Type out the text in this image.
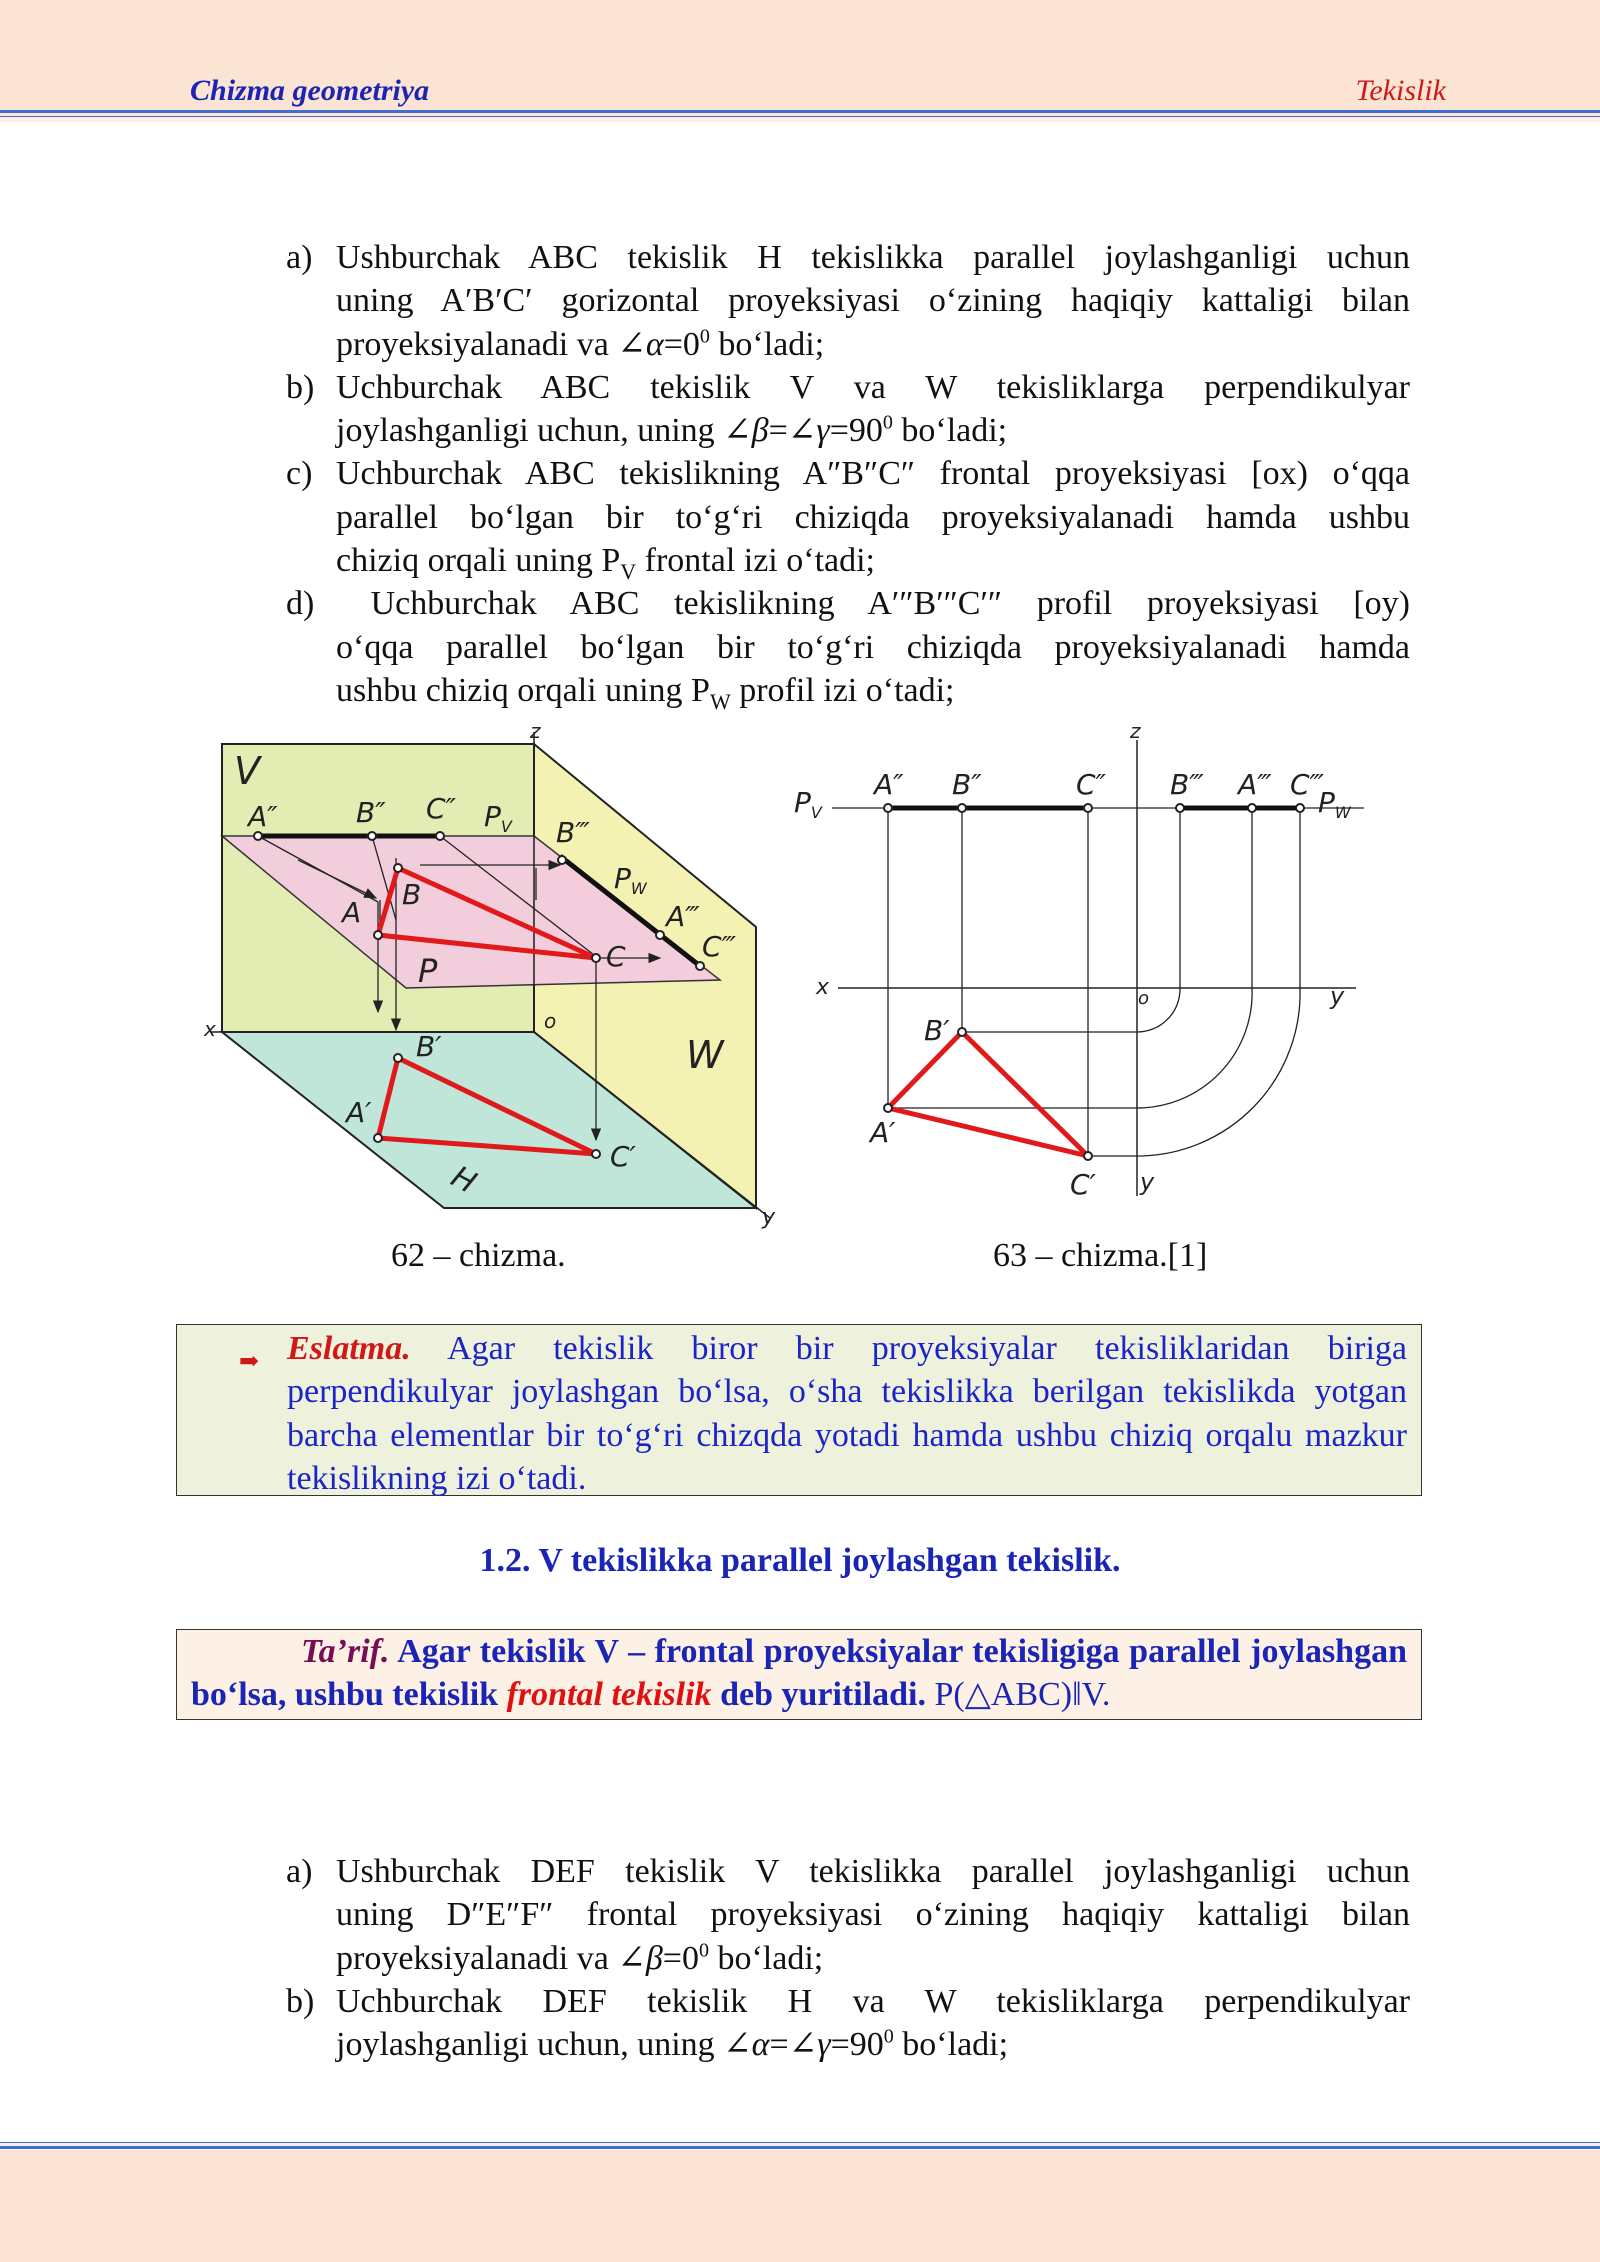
Chizma geometriya	Tekislik
a) Ushburchak ABC tekislik H tekislikka parallel joylashganligi uchun
uning A′B′C′ gorizontal proyeksiyasi o‘zining haqiqiy kattaligi bilan
proyeksiyalanadi va $\angle\alpha=0^0$ bo‘ladi;
b) Uchburchak ABC tekislik V va W tekisliklarga perpendikulyar
joylashganligi uchun, uning $\angle\beta=\angle\gamma=90^0$ bo‘ladi;
c) Uchburchak ABC tekislikning A″B″C″ frontal proyeksiyasi [ox) o‘qqa
parallel bo‘lgan bir to‘g‘ri chiziqda proyeksiyalanadi hamda ushbu
chiziq orqali uning $P_V$ frontal izi o‘tadi;
d) Uchburchak ABC tekislikning A′″B′″C′″ profil proyeksiyasi [oy)
o‘qqa parallel bo‘lgan bir to‘g‘ri chiziqda proyeksiyalanadi hamda
ushbu chiziq orqali uning $P_W$ profil izi o‘tadi;
V
z
x
y
o
W
H
P
$P_V$
$P_W$
A″	B″ C″
B‴
A‴
C‴
A
B
C
A′
B′
C′
z
x	y
y
o
$P_V$	$P_W$
A″ B″	C″ B‴ A‴ C‴
A′
B′
C′
62 – chizma.	63 – chizma.[1]
➡ Eslatma. Agar tekislik biror bir proyeksiyalar tekisliklaridan biriga perpendikulyar joylashgan bo‘lsa, o‘sha tekislikka berilgan tekislikda yotgan barcha elementlar bir to‘g‘ri chizqda yotadi hamda ushbu chiziq orqalu mazkur tekislikning izi o‘tadi.
1.2. V tekislikka parallel joylashgan tekislik.
Ta’rif. Agar tekislik V – frontal proyeksiyalar tekisligiga parallel joylashgan bo‘lsa, ushbu tekislik frontal tekislik deb yuritiladi. P(△ABC)‖V.
a) Ushburchak DEF tekislik V tekislikka parallel joylashganligi uchun
uning D″E″F″ frontal proyeksiyasi o‘zining haqiqiy kattaligi bilan
proyeksiyalanadi va $\angle\beta=0^0$ bo‘ladi;
b) Uchburchak DEF tekislik H va W tekisliklarga perpendikulyar
joylashganligi uchun, uning $\angle\alpha=\angle\gamma=90^0$ bo‘ladi;
